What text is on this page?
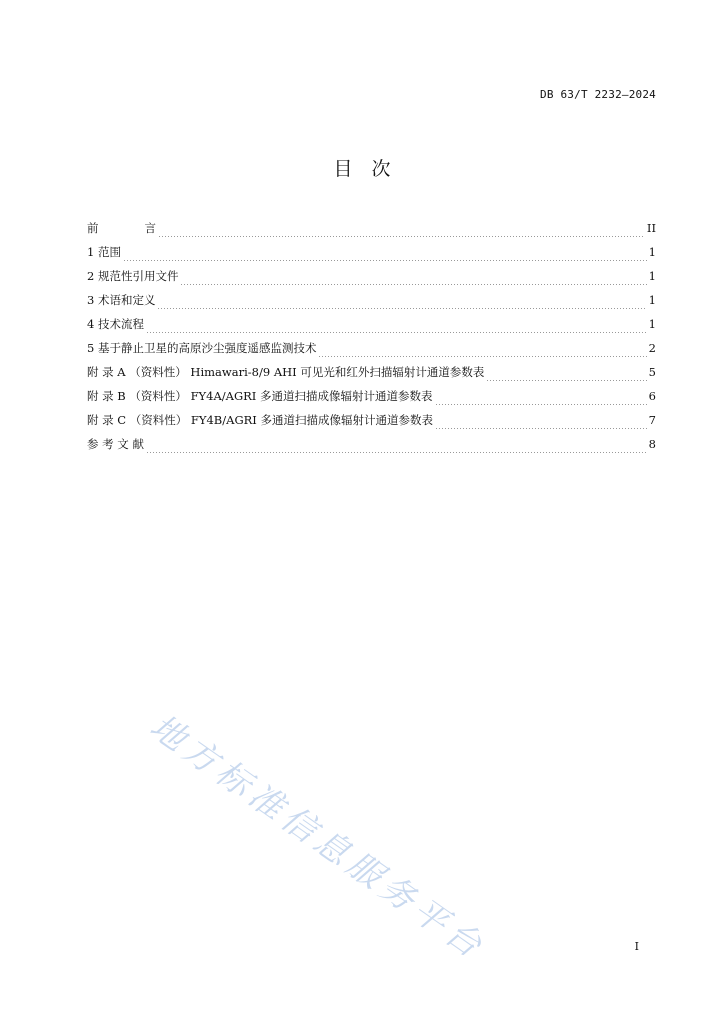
DB 63/T 2232—2024
目　次
前　　　　言	II
1 范围	1
2 规范性引用文件	1
3 术语和定义	1
4 技术流程	1
5 基于静止卫星的高原沙尘强度遥感监测技术	2
附 录 A （资料性） Himawari-8/9 AHI 可见光和红外扫描辐射计通道参数表	5
附 录 B （资料性） FY4A/AGRI 多通道扫描成像辐射计通道参数表	6
附 录 C （资料性） FY4B/AGRI 多通道扫描成像辐射计通道参数表	7
参 考 文 献	8
地方标准信息服务平台	I
